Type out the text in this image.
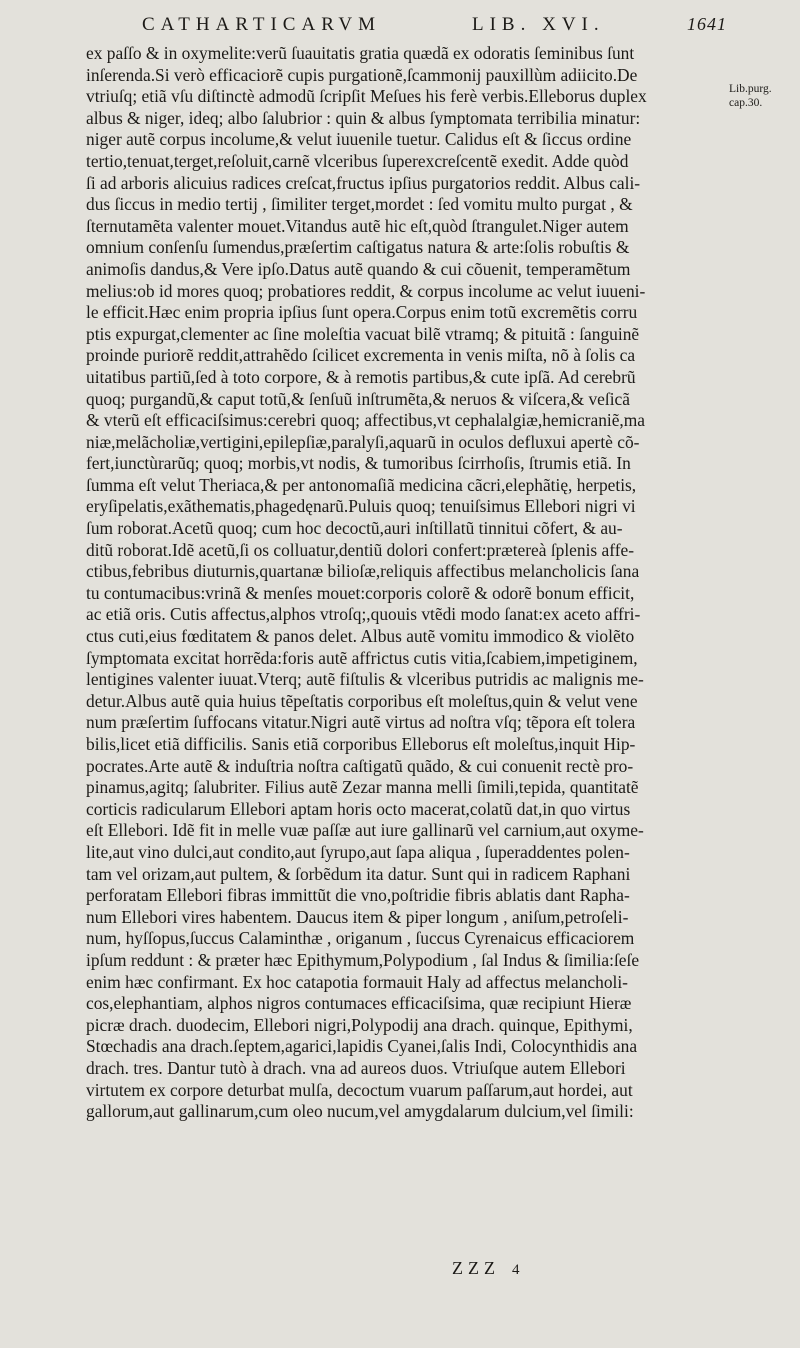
CATHARTICARVM	LIB. XVI.	1641
Lib.purg.
cap.30.
ex paſſo & in oxymelite:verũ ſuauitatis gratia quædã ex odoratis ſeminibus ſunt
inſerenda.Si verò efficaciorẽ cupis purgationẽ,ſcammonij pauxillùm adiicito.De
vtriuſq; etiã vſu diſtinctè admodũ ſcripſit Meſues his ferè verbis.Elleborus duplex
albus & niger, ideq; albo ſalubrior : quin & albus ſymptomata terribilia minatur:
niger autẽ corpus incolume,& velut iuuenile tuetur. Calidus eſt & ſiccus ordine
tertio,tenuat,terget,reſoluit,carnẽ vlceribus ſuperexcreſcentẽ exedit. Adde quòd
ſi ad arboris alicuius radices creſcat,fructus ipſius purgatorios reddit. Albus cali-
dus ſiccus in medio tertij , ſimiliter terget,mordet : ſed vomitu multo purgat , &
ſternutamẽta valenter mouet.Vitandus autẽ hic eſt,quòd ſtrangulet.Niger autem
omnium conſenſu ſumendus,præſertim caſtigatus natura & arte:ſolis robuſtis &
animoſis dandus,& Vere ipſo.Datus autẽ quando & cui cõuenit, temperamẽtum
melius:ob id mores quoq; probatiores reddit, & corpus incolume ac velut iuueni-
le efficit.Hæc enim propria ipſius ſunt opera.Corpus enim totũ excremẽtis corru
ptis expurgat,clementer ac ſine moleſtia vacuat bilẽ vtramq; & pituitã : ſanguinẽ
proinde puriorẽ reddit,attrahẽdo ſcilicet excrementa in venis miſta, nõ à ſolis ca
uitatibus partiũ,ſed à toto corpore, & à remotis partibus,& cute ipſã. Ad cerebrũ
quoq; purgandũ,& caput totũ,& ſenſuũ inſtrumẽta,& neruos & viſcera,& veſicã
& vterũ eſt efficaciſsimus:cerebri quoq; affectibus,vt cephalalgiæ,hemicraniẽ,ma
niæ,melãcholiæ,vertigini,epilepſiæ,paralyſi,aquarũ in oculos defluxui apertè cõ-
fert,iunctùrarũq; quoq; morbis,vt nodis, & tumoribus ſcirrhoſis, ſtrumis etiã. In
ſumma eſt velut Theriaca,& per antonomaſiã medicina cãcri,elephãtię, herpetis,
eryſipelatis,exãthematis,phagedęnarũ.Puluis quoq; tenuiſsimus Ellebori nigri vi
ſum roborat.Acetũ quoq; cum hoc decoctũ,auri inſtillatũ tinnitui cõfert, & au-
ditũ roborat.Idẽ acetũ,ſi os colluatur,dentiũ dolori confert:prætereà ſplenis affe-
ctibus,febribus diuturnis,quartanæ bilioſæ,reliquis affectibus melancholicis ſana
tu contumacibus:vrinã & menſes mouet:corporis colorẽ & odorẽ bonum efficit,
ac etiã oris. Cutis affectus,alphos vtroſq;,quouis vtẽdi modo ſanat:ex aceto affri-
ctus cuti,eius fœditatem & panos delet. Albus autẽ vomitu immodico & violẽto
ſymptomata excitat horrẽda:foris autẽ affrictus cutis vitia,ſcabiem,impetiginem,
lentigines valenter iuuat.Vterq; autẽ fiſtulis & vlceribus putridis ac malignis me-
detur.Albus autẽ quia huius tẽpeſtatis corporibus eſt moleſtus,quin & velut vene
num præſertim ſuffocans vitatur.Nigri autẽ virtus ad noſtra vſq; tẽpora eſt tolera
bilis,licet etiã difficilis. Sanis etiã corporibus Elleborus eſt moleſtus,inquit Hip-
pocrates.Arte autẽ & induſtria noſtra caſtigatũ quãdo, & cui conuenit rectè pro-
pinamus,agitq; ſalubriter. Filius autẽ Zezar manna melli ſimili,tepida, quantitatẽ
corticis radicularum Ellebori aptam horis octo macerat,colatũ dat,in quo virtus
eſt Ellebori. Idẽ fit in melle vuæ paſſæ aut iure gallinarũ vel carnium,aut oxyme-
lite,aut vino dulci,aut condito,aut ſyrupo,aut ſapa aliqua , ſuperaddentes polen-
tam vel orizam,aut pultem, & ſorbẽdum ita datur. Sunt qui in radicem Raphani
perforatam Ellebori fibras immittũt die vno,poſtridie fibris ablatis dant Rapha-
num Ellebori vires habentem. Daucus item & piper longum , aniſum,petroſeli-
num, hyſſopus,ſuccus Calaminthæ , origanum , ſuccus Cyrenaicus efficaciorem
ipſum reddunt : & præter hæc Epithymum,Polypodium , ſal Indus & ſimilia:ſeſe
enim hæc confirmant. Ex hoc catapotia formauit Haly ad affectus melancholi-
cos,elephantiam, alphos nigros contumaces efficaciſsima, quæ recipiunt Hieræ
picræ drach. duodecim, Ellebori nigri,Polypodij ana drach. quinque, Epithymi,
Stœchadis ana drach.ſeptem,agarici,lapidis Cyanei,ſalis Indi, Colocynthidis ana
drach. tres. Dantur tutò à drach. vna ad aureos duos. Vtriuſque autem Ellebori
virtutem ex corpore deturbat mulſa, decoctum vuarum paſſarum,aut hordei, aut
gallorum,aut gallinarum,cum oleo nucum,vel amygdalarum dulcium,vel ſimili:
ZZZ 4
